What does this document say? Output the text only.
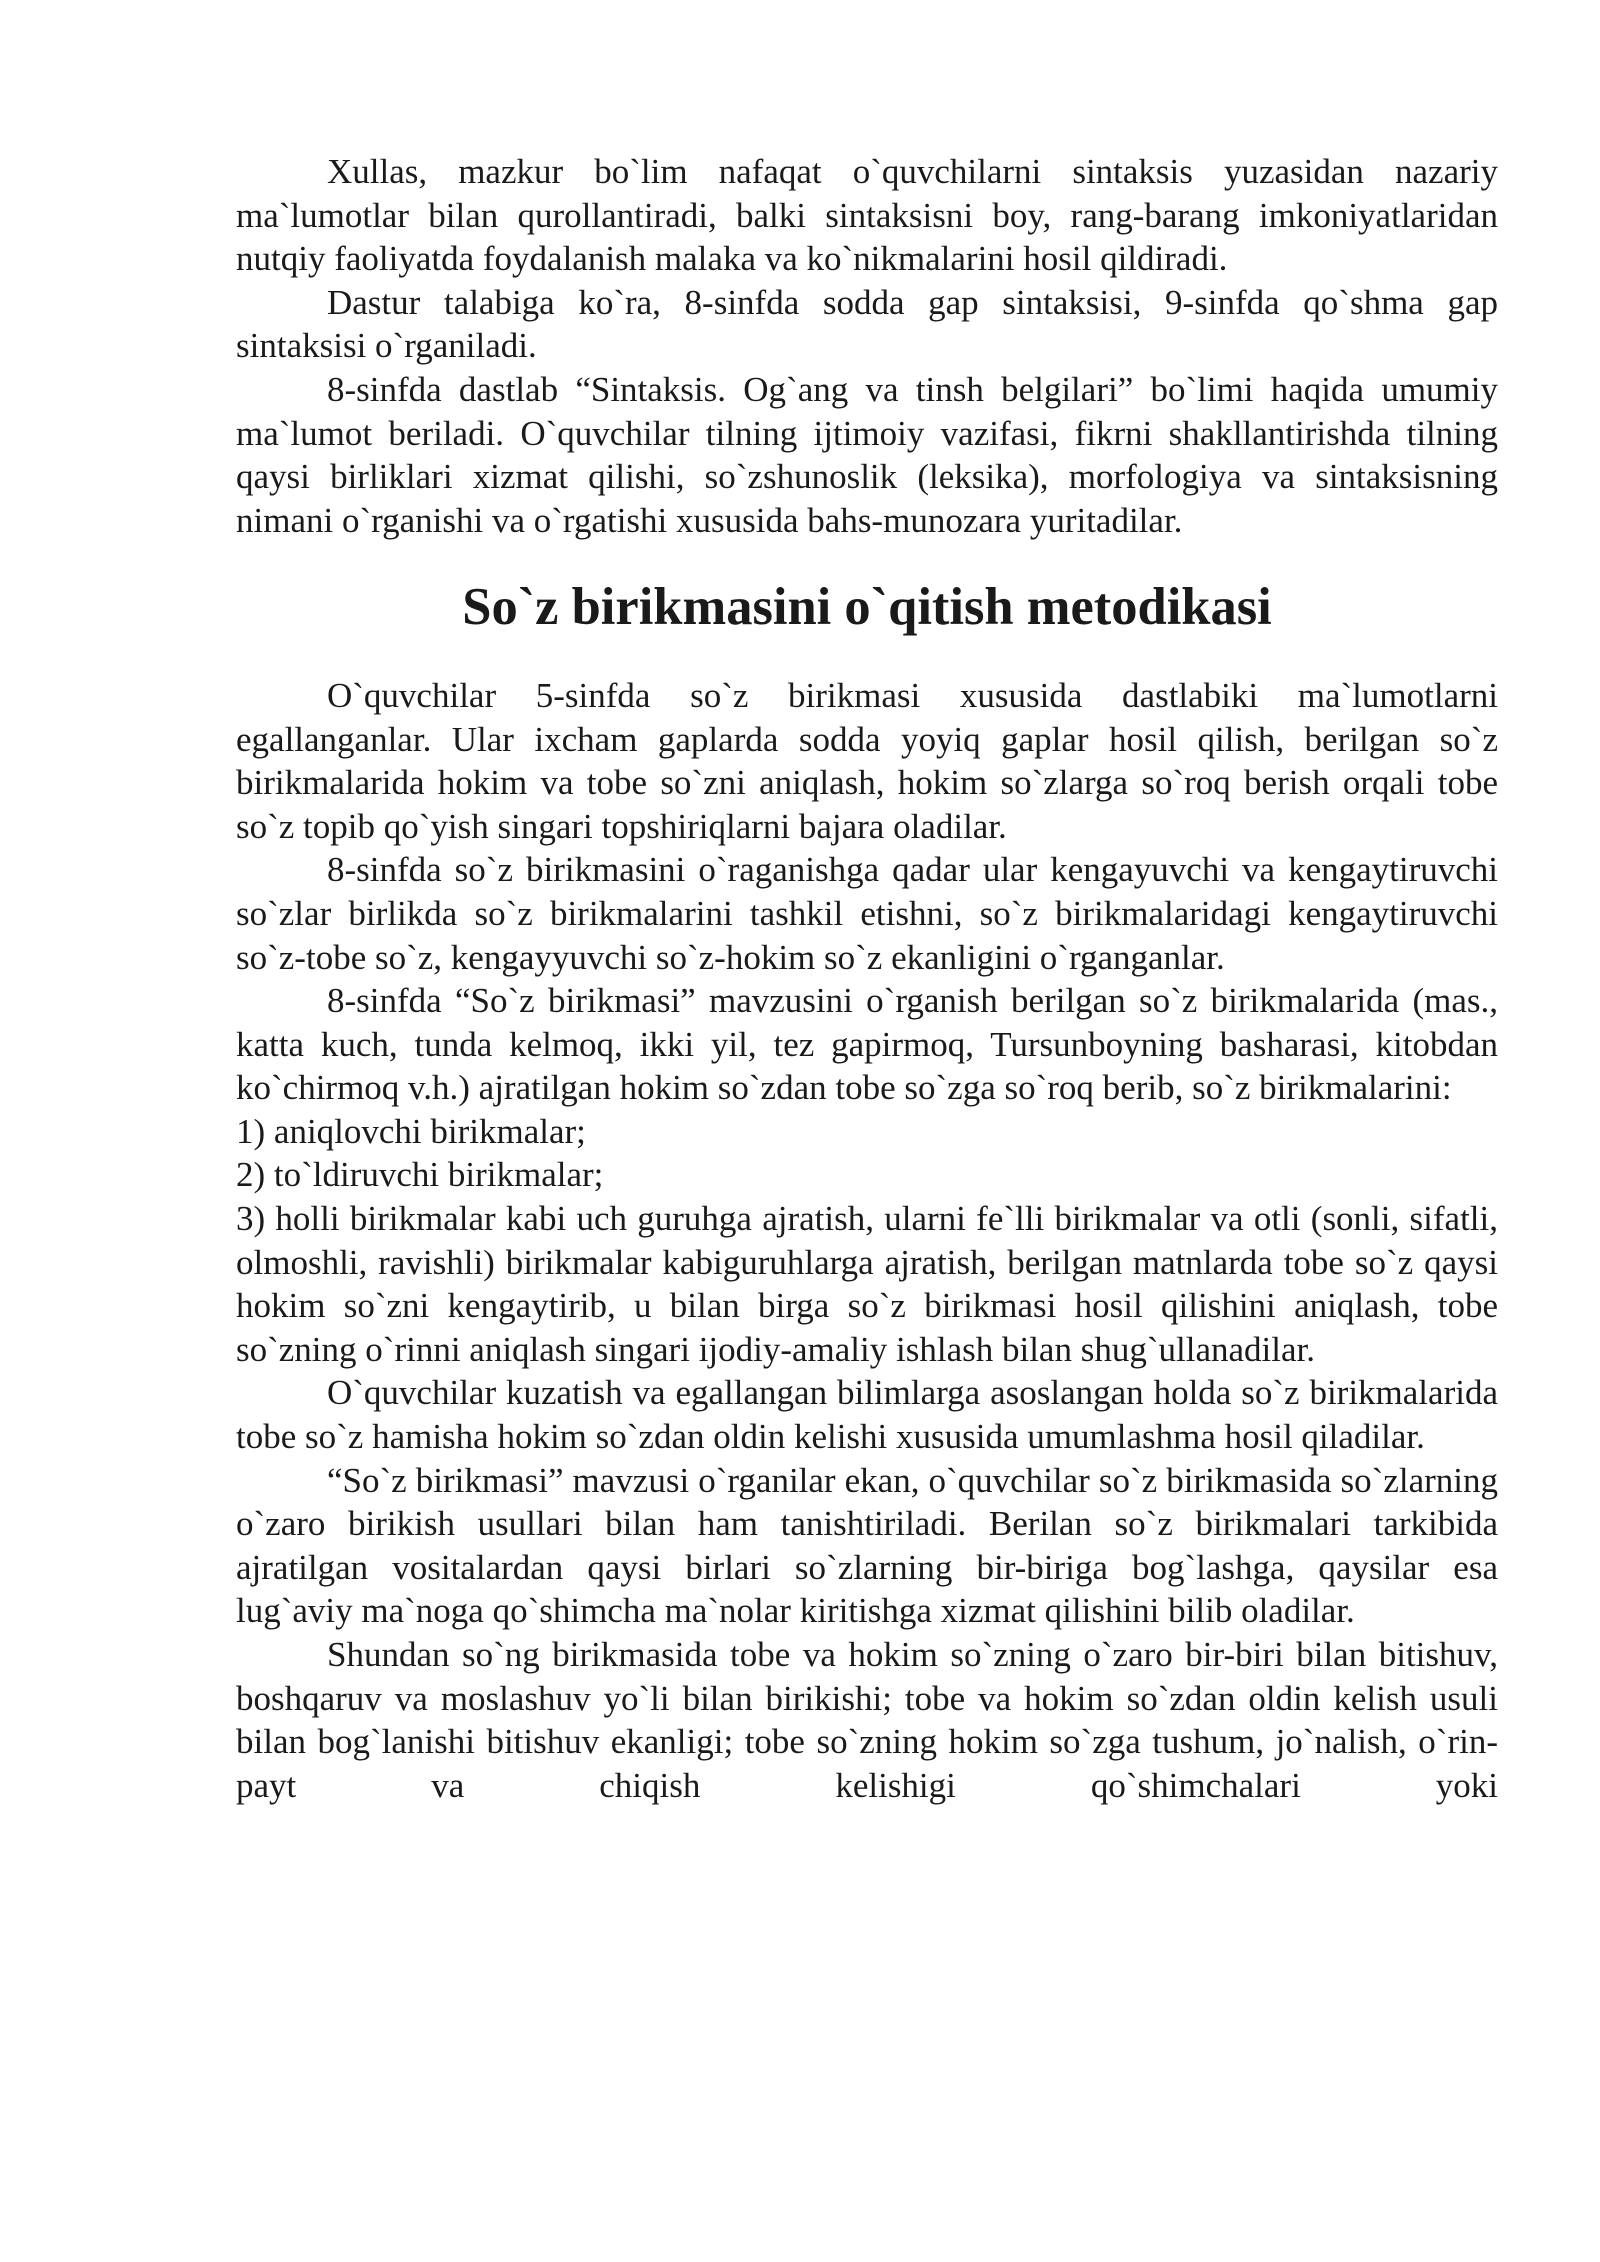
Xullas, mazkur bo`lim nafaqat o`quvchilarni sintaksis yuzasidan nazariy ma`lumotlar bilan qurollantiradi, balki sintaksisni boy, rang-barang imkoniyatlaridan nutqiy faoliyatda foydalanish malaka va ko`nikmalarini hosil qildiradi.

Dastur talabiga ko`ra, 8-sinfda sodda gap sintaksisi, 9-sinfda qo`shma gap sintaksisi o`rganiladi.

8-sinfda dastlab “Sintaksis. Og`ang va tinsh belgilari” bo`limi haqida umumiy ma`lumot beriladi. O`quvchilar tilning ijtimoiy vazifasi, fikrni shakllantirishda tilning qaysi birliklari xizmat qilishi, so`zshunoslik (leksika), morfologiya va sintaksisning nimani o`rganishi va o`rgatishi xususida bahs-munozara yuritadilar.

So`z birikmasini o`qitish metodikasi

O`quvchilar 5-sinfda so`z birikmasi xususida dastlabiki ma`lumotlarni egallanganlar. Ular ixcham gaplarda sodda yoyiq gaplar hosil qilish, berilgan so`z birikmalarida hokim va tobe so`zni aniqlash, hokim so`zlarga so`roq berish orqali tobe so`z topib qo`yish singari topshiriqlarni bajara oladilar.

8-sinfda so`z birikmasini o`raganishga qadar ular kengayuvchi va kengaytiruvchi so`zlar birlikda so`z birikmalarini tashkil etishni, so`z birikmalaridagi kengaytiruvchi so`z-tobe so`z, kengayyuvchi so`z-hokim so`z ekanligini o`rganganlar.

8-sinfda “So`z birikmasi” mavzusini o`rganish berilgan so`z birikmalarida (mas., katta kuch, tunda kelmoq, ikki yil, tez gapirmoq, Tursunboyning basharasi, kitobdan ko`chirmoq v.h.) ajratilgan hokim so`zdan tobe so`zga so`roq berib, so`z birikmalarini:

1) aniqlovchi birikmalar;

2) to`ldiruvchi birikmalar;

3) holli birikmalar kabi uch guruhga ajratish, ularni fe`lli birikmalar va otli (sonli, sifatli, olmoshli, ravishli) birikmalar kabiguruhlarga ajratish, berilgan matnlarda tobe so`z qaysi hokim so`zni kengaytirib, u bilan birga so`z birikmasi hosil qilishini aniqlash, tobe so`zning o`rinni aniqlash singari ijodiy-amaliy ishlash bilan shug`ullanadilar.

O`quvchilar kuzatish va egallangan bilimlarga asoslangan holda so`z birikmalarida tobe so`z hamisha hokim so`zdan oldin kelishi xususida umumlashma hosil qiladilar.

“So`z birikmasi” mavzusi o`rganilar ekan, o`quvchilar so`z birikmasida so`zlarning o`zaro birikish usullari bilan ham tanishtiriladi. Berilan so`z birikmalari tarkibida ajratilgan vositalardan qaysi birlari so`zlarning bir-biriga bog`lashga, qaysilar esa lug`aviy ma`noga qo`shimcha ma`nolar kiritishga xizmat qilishini bilib oladilar.

Shundan so`ng birikmasida tobe va hokim so`zning o`zaro bir-biri bilan bitishuv, boshqaruv va moslashuv yo`li bilan birikishi; tobe va hokim so`zdan oldin kelish usuli bilan bog`lanishi bitishuv ekanligi; tobe so`zning hokim so`zga tushum, jo`nalish, o`rin-payt va chiqish kelishigi qo`shimchalari yoki
